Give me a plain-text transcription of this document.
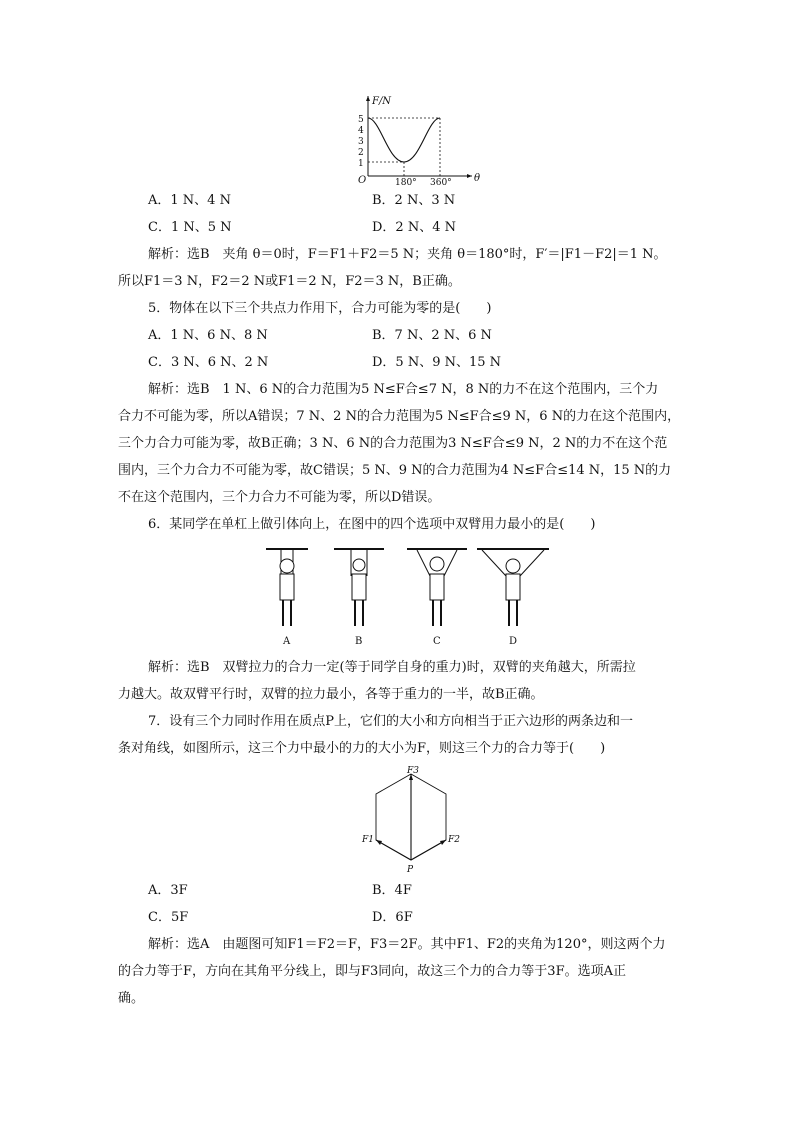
F/N
O	θ
5
4
3
2
1
180° 360°
A．1 N、4 N	B．2 N、3 N
C．1 N、5 N	D．2 N、4 N
解析：选B　夹角 θ＝0时，F＝F1＋F2＝5 N；夹角 θ＝180°时，F′＝|F1－F2|＝1 N。
所以F1＝3 N，F2＝2 N或F1＝2 N，F2＝3 N，B正确。
5．物体在以下三个共点力作用下，合力可能为零的是(　　)
A．1 N、6 N、8 N	B．7 N、2 N、6 N
C．3 N、6 N、2 N	D．5 N、9 N、15 N
解析：选B　1 N、6 N的合力范围为5 N≤F合≤7 N，8 N的力不在这个范围内，三个力
合力不可能为零，所以A错误；7 N、2 N的合力范围为5 N≤F合≤9 N，6 N的力在这个范围内，
三个力合力可能为零，故B正确；3 N、6 N的合力范围为3 N≤F合≤9 N，2 N的力不在这个范
围内，三个力合力不可能为零，故C错误；5 N、9 N的合力范围为4 N≤F合≤14 N，15 N的力
不在这个范围内，三个力合力不可能为零，所以D错误。
6．某同学在单杠上做引体向上，在图中的四个选项中双臂用力最小的是(　　)
A	B	C	D
解析：选B　双臂拉力的合力一定(等于同学自身的重力)时，双臂的夹角越大，所需拉
力越大。故双臂平行时，双臂的拉力最小，各等于重力的一半，故B正确。
7．设有三个力同时作用在质点P上，它们的大小和方向相当于正六边形的两条边和一
条对角线，如图所示，这三个力中最小的力的大小为F，则这三个力的合力等于(　　)
F3
F1	F2
P
A．3F	B．4F
C．5F	D．6F
解析：选A　由题图可知F1＝F2＝F，F3＝2F。其中F1、F2的夹角为120°，则这两个力
的合力等于F，方向在其角平分线上，即与F3同向，故这三个力的合力等于3F。选项A正
确。
